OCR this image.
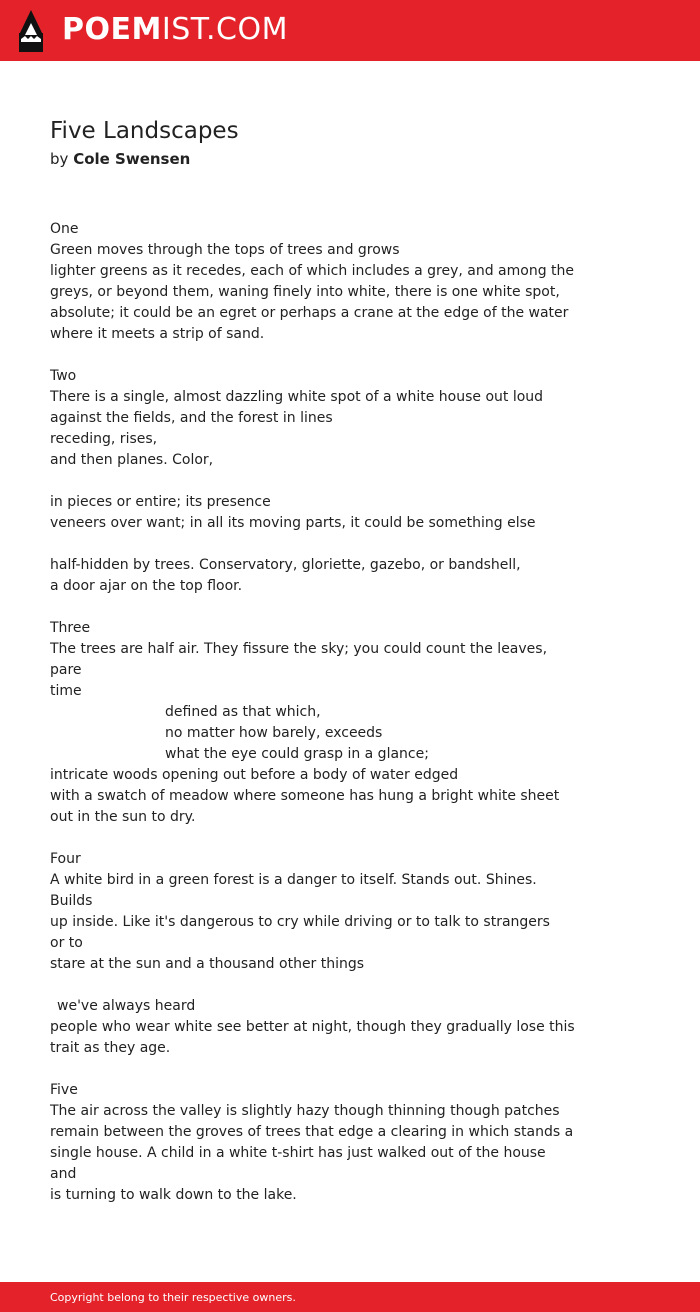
POEMIST.COM
Five Landscapes
by Cole Swensen
One
Green moves through the tops of trees and grows
lighter greens as it recedes, each of which includes a grey, and among the
greys, or beyond them, waning finely into white, there is one white spot,
absolute; it could be an egret or perhaps a crane at the edge of the water
where it meets a strip of sand.
Two
There is a single, almost dazzling white spot of a white house out loud
against the fields, and the forest in lines
receding, rises,
and then planes. Color,
in pieces or entire; its presence
veneers over want; in all its moving parts, it could be something else
half-hidden by trees. Conservatory, gloriette, gazebo, or bandshell,
a door ajar on the top floor.
Three
The trees are half air. They fissure the sky; you could count the leaves,
pare
time
defined as that which,
no matter how barely, exceeds
what the eye could grasp in a glance;
intricate woods opening out before a body of water edged
with a swatch of meadow where someone has hung a bright white sheet
out in the sun to dry.
Four
A white bird in a green forest is a danger to itself. Stands out. Shines.
Builds
up inside. Like it's dangerous to cry while driving or to talk to strangers
or to
stare at the sun and a thousand other things
we've always heard
people who wear white see better at night, though they gradually lose this
trait as they age.
Five
The air across the valley is slightly hazy though thinning though patches
remain between the groves of trees that edge a clearing in which stands a
single house. A child in a white t-shirt has just walked out of the house
and
is turning to walk down to the lake.
Copyright belong to their respective owners.
